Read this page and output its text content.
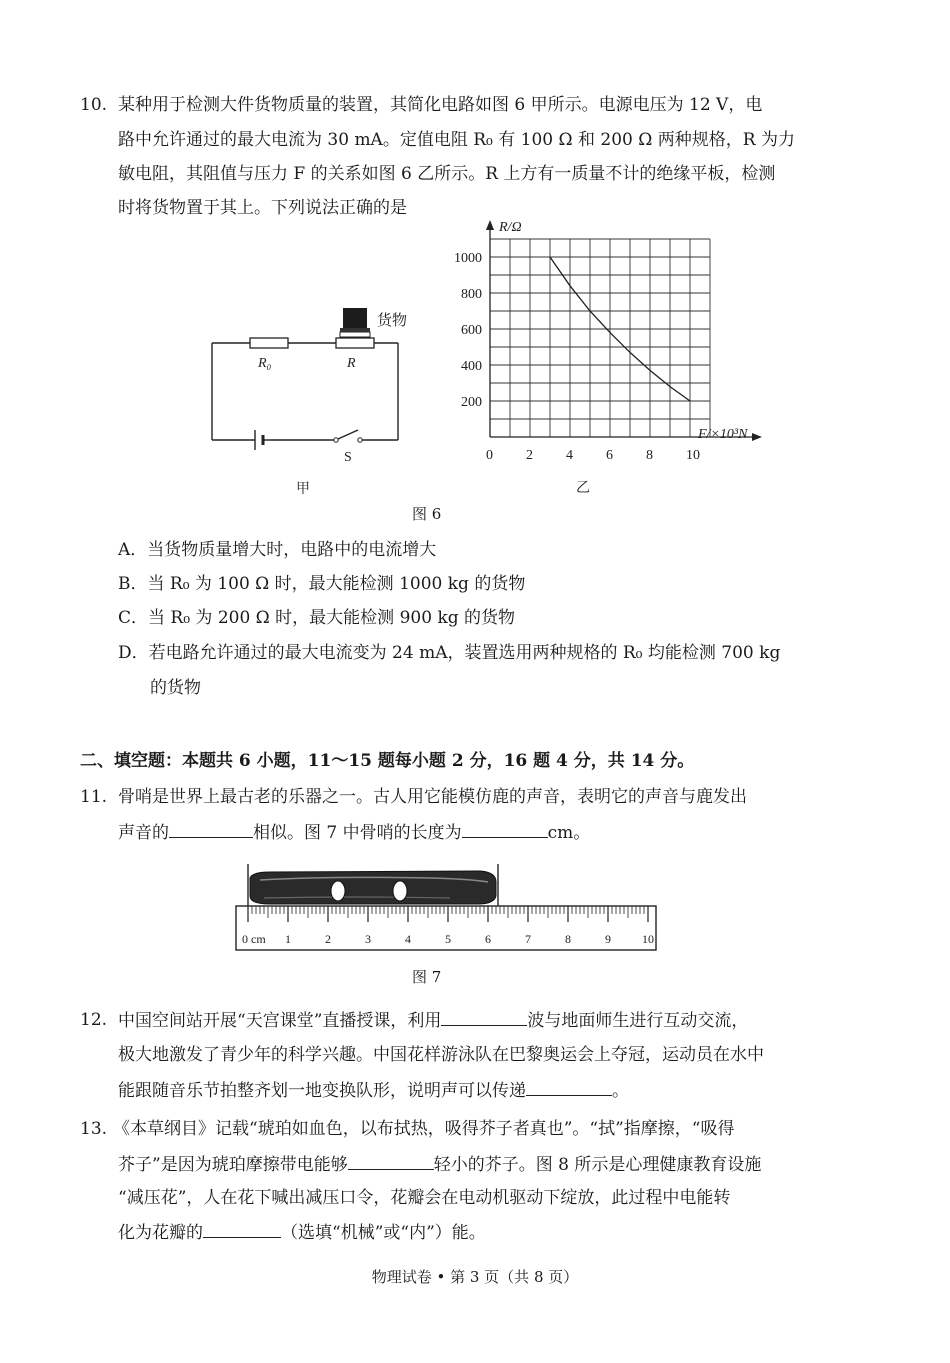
10. 某种用于检测大件货物质量的装置，其简化电路如图 6 甲所示。电源电压为 12 V，电
路中允许通过的最大电流为 30 mA。定值电阻 R₀ 有 100 Ω 和 200 Ω 两种规格，R 为力
敏电阻，其阻值与压力 F 的关系如图 6 乙所示。R 上方有一质量不计的绝缘平板，检测
时将货物置于其上。下列说法正确的是
货物
R₀	R
S
甲
0 2 4 6 8 10
200
400
600
800
1000
R/Ω
F/×10³N
乙
图 6
A．当货物质量增大时，电路中的电流增大
B．当 R₀ 为 100 Ω 时，最大能检测 1000 kg 的货物
C．当 R₀ 为 200 Ω 时，最大能检测 900 kg 的货物
D．若电路允许通过的最大电流变为 24 mA，装置选用两种规格的 R₀ 均能检测 700 kg
的货物
二、填空题：本题共 6 小题，11～15 题每小题 2 分，16 题 4 分，共 14 分。
11. 骨哨是世界上最古老的乐器之一。古人用它能模仿鹿的声音，表明它的声音与鹿发出
声音的	相似。图 7 中骨哨的长度为	cm。
0 cm 1	2	3	4	5	6	7	8	9	10
图 7
12. 中国空间站开展“天宫课堂”直播授课，利用	波与地面师生进行互动交流，
极大地激发了青少年的科学兴趣。中国花样游泳队在巴黎奥运会上夺冠，运动员在水中
能跟随音乐节拍整齐划一地变换队形，说明声可以传递	。
13. 《本草纲目》记载“琥珀如血色，以布拭热，吸得芥子者真也”。“拭”指摩擦，“吸得
芥子”是因为琥珀摩擦带电能够	轻小的芥子。图 8 所示是心理健康教育设施
“减压花”，人在花下喊出减压口令，花瓣会在电动机驱动下绽放，此过程中电能转
化为花瓣的	（选填“机械”或“内”）能。
物理试卷 • 第 3 页（共 8 页）
